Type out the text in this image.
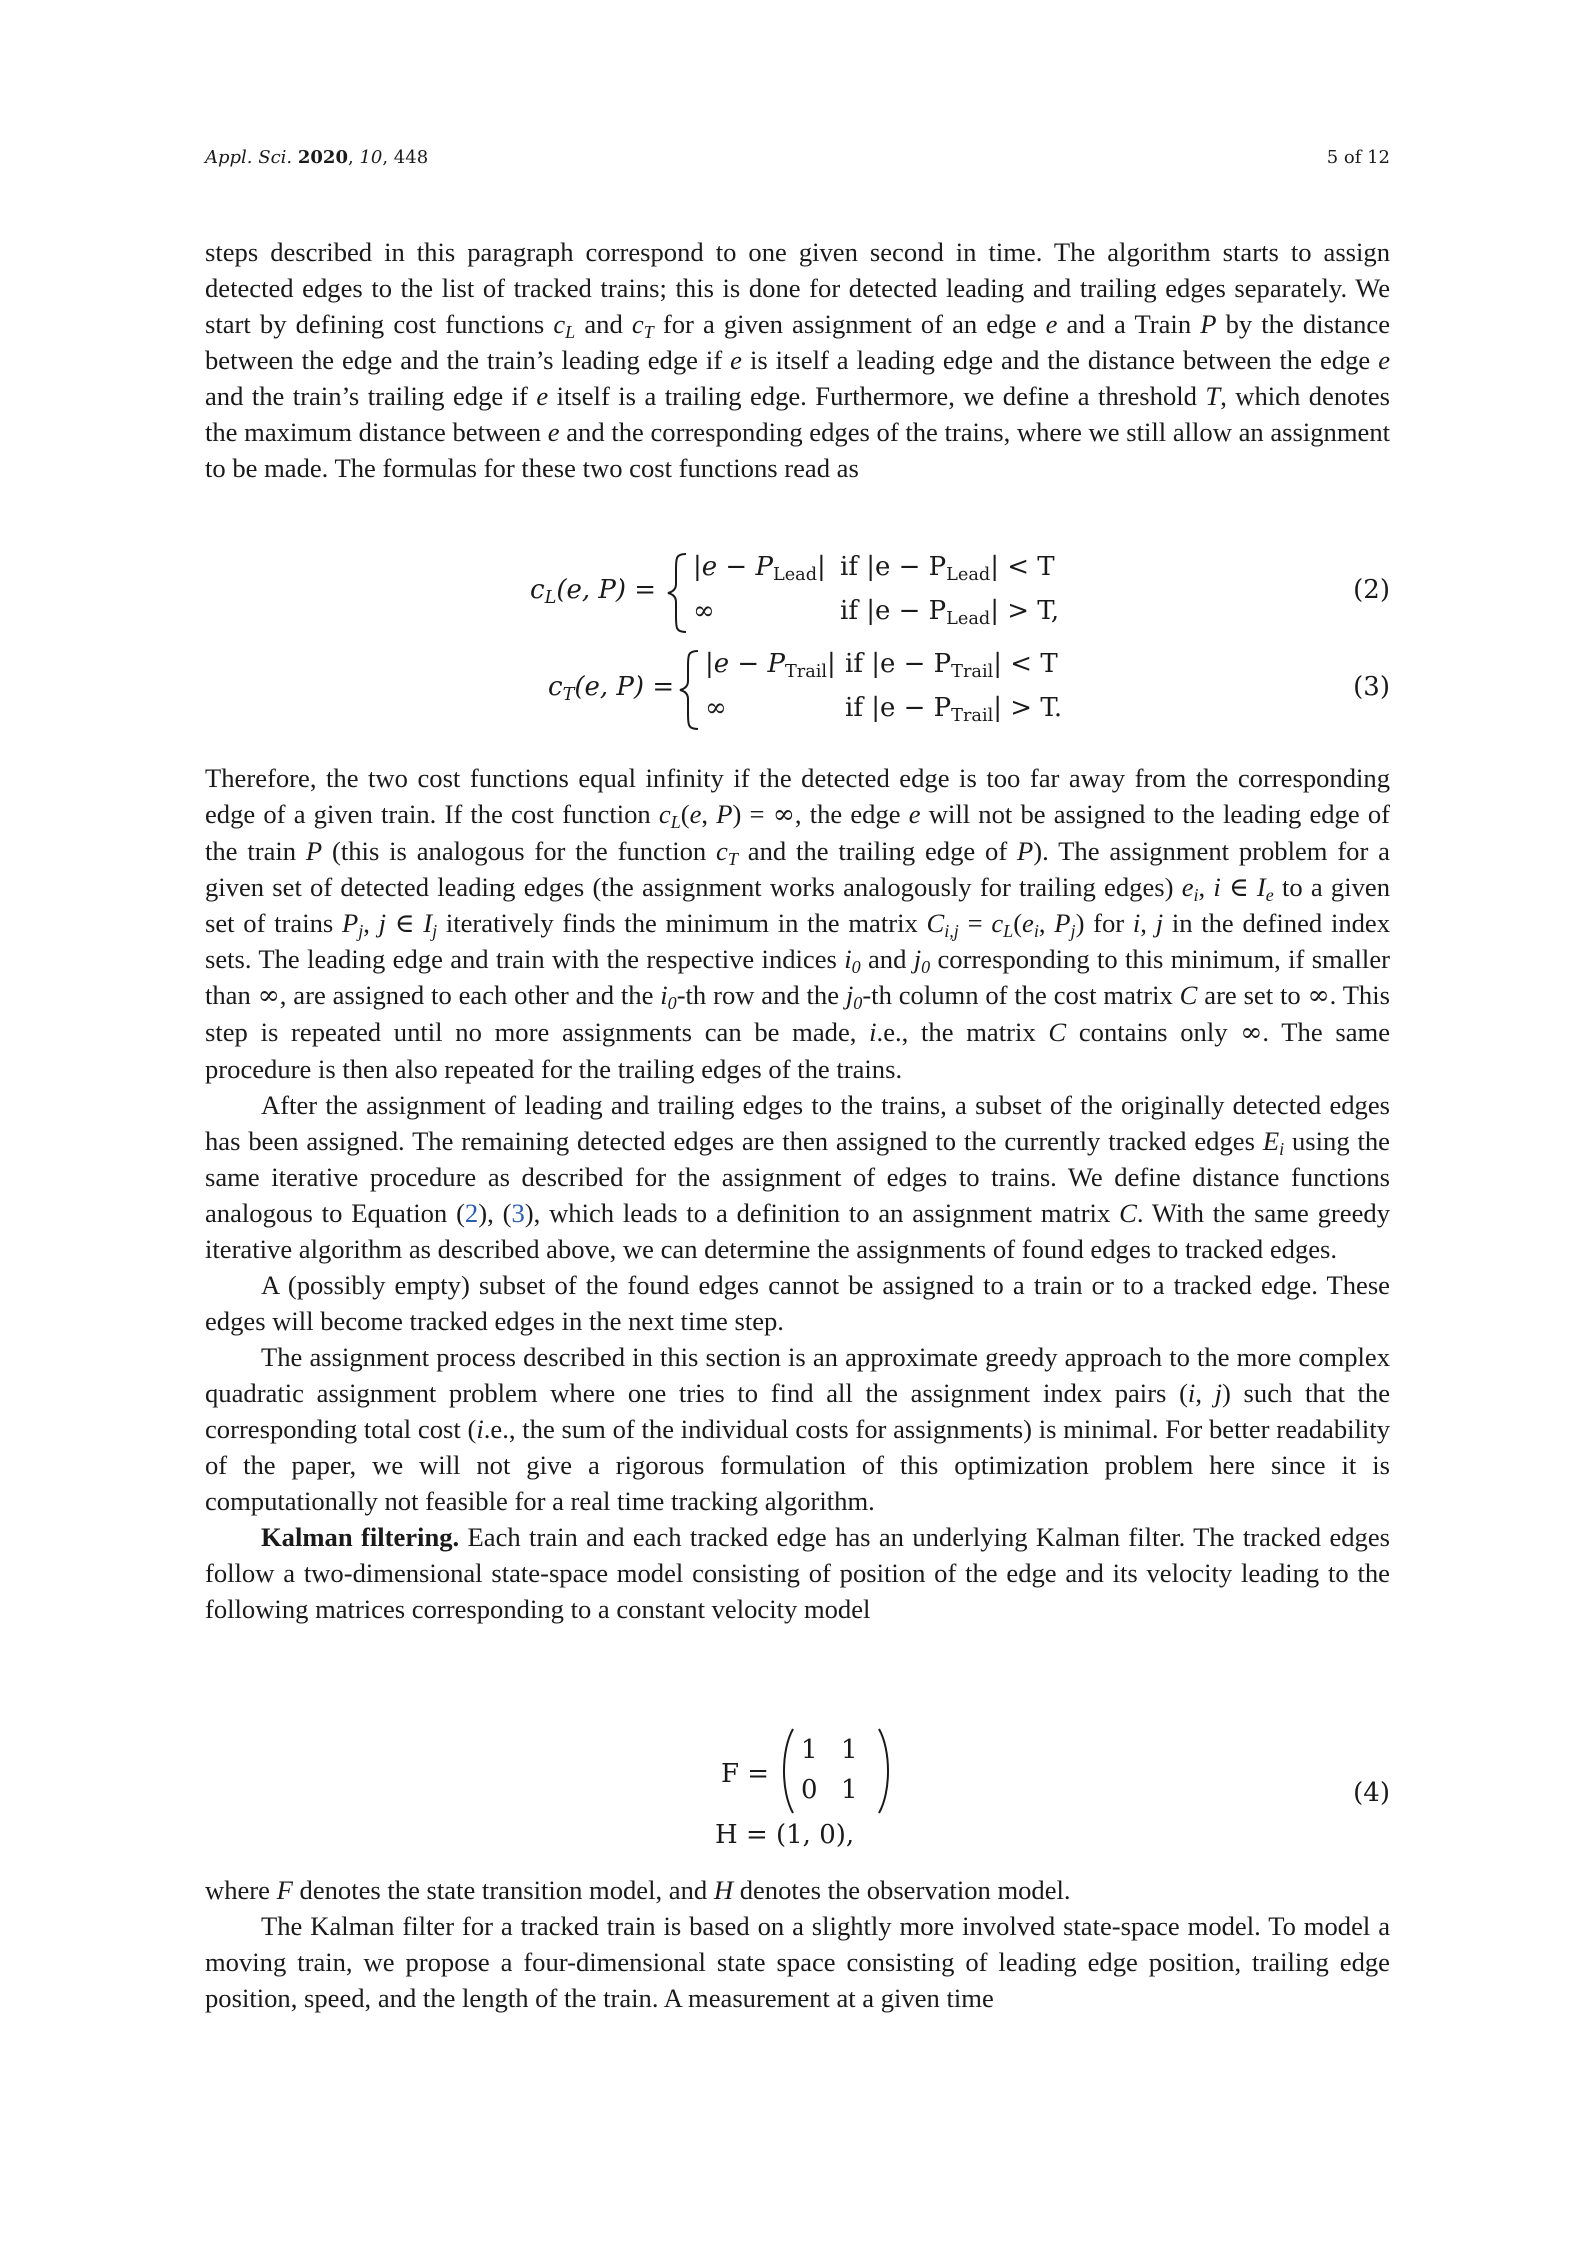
Appl. Sci. 2020, 10, 448	5 of 12

steps described in this paragraph correspond to one given second in time. The algorithm starts to assign detected edges to the list of tracked trains; this is done for detected leading and trailing edges separately. We start by defining cost functions $c_L$ and $c_T$ for a given assignment of an edge e and a Train P by the distance between the edge and the train’s leading edge if e is itself a leading edge and the distance between the edge e and the train’s trailing edge if e itself is a trailing edge. Furthermore, we define a threshold T, which denotes the maximum distance between e and the corresponding edges of the trains, where we still allow an assignment to be made. The formulas for these two cost functions read as

$c_L(e$, P) =
$|e - P_{Lead}|$ if $|e - P_{Lead}| < T$
∞	if $|e - P_{Lead}| > T$,
(2)
$c_T(e$, P) =
$|e - P_{Trail}|$ if $|e - P_{Trail}| < T$
∞	if $|e - P_{Trail}| > T$.
(3)

Therefore, the two cost functions equal infinity if the detected edge is too far away from the corresponding edge of a given train. If the cost function $c_L(e$, P) = ∞, the edge e will not be assigned to the leading edge of the train P (this is analogous for the function $c_T$ and the trailing edge of P). The assignment problem for a given set of detected leading edges (the assignment works analogously for trailing edges) $e_i$, i ∈ $I_e$ to a given set of trains $P_j$, j ∈ $I_j$ iteratively finds the minimum in the matrix $C_{i,j} = c_L(e_i$, $P_j$) for i, j in the defined index sets. The leading edge and train with the respective indices $i_0$ and $j_0$ corresponding to this minimum, if smaller than ∞, are assigned to each other and the $i_0-th$ row and the $j_0-th$ column of the cost matrix C are set to ∞. This step is repeated until no more assignments can be made, i.e., the matrix C contains only ∞. The same procedure is then also repeated for the trailing edges of the trains.

After the assignment of leading and trailing edges to the trains, a subset of the originally detected edges has been assigned. The remaining detected edges are then assigned to the currently tracked edges $E_i$ using the same iterative procedure as described for the assignment of edges to trains. We define distance functions analogous to Equation (2), (3), which leads to a definition to an assignment matrix C. With the same greedy iterative algorithm as described above, we can determine the assignments of found edges to tracked edges.

A (possibly empty) subset of the found edges cannot be assigned to a train or to a tracked edge. These edges will become tracked edges in the next time step.

The assignment process described in this section is an approximate greedy approach to the more complex quadratic assignment problem where one tries to find all the assignment index pairs (i, j) such that the corresponding total cost (i.e., the sum of the individual costs for assignments) is minimal. For better readability of the paper, we will not give a rigorous formulation of this optimization problem here since it is computationally not feasible for a real time tracking algorithm.

Kalman filtering. Each train and each tracked edge has an underlying Kalman filter. The tracked edges follow a two-dimensional state-space model consisting of position of the edge and its velocity leading to the following matrices corresponding to a constant velocity model

F =
1 1
0 1
H = (1, 0),
(4)

where F denotes the state transition model, and H denotes the observation model.

The Kalman filter for a tracked train is based on a slightly more involved state-space model. To model a moving train, we propose a four-dimensional state space consisting of leading edge position, trailing edge position, speed, and the length of the train. A measurement at a given time
